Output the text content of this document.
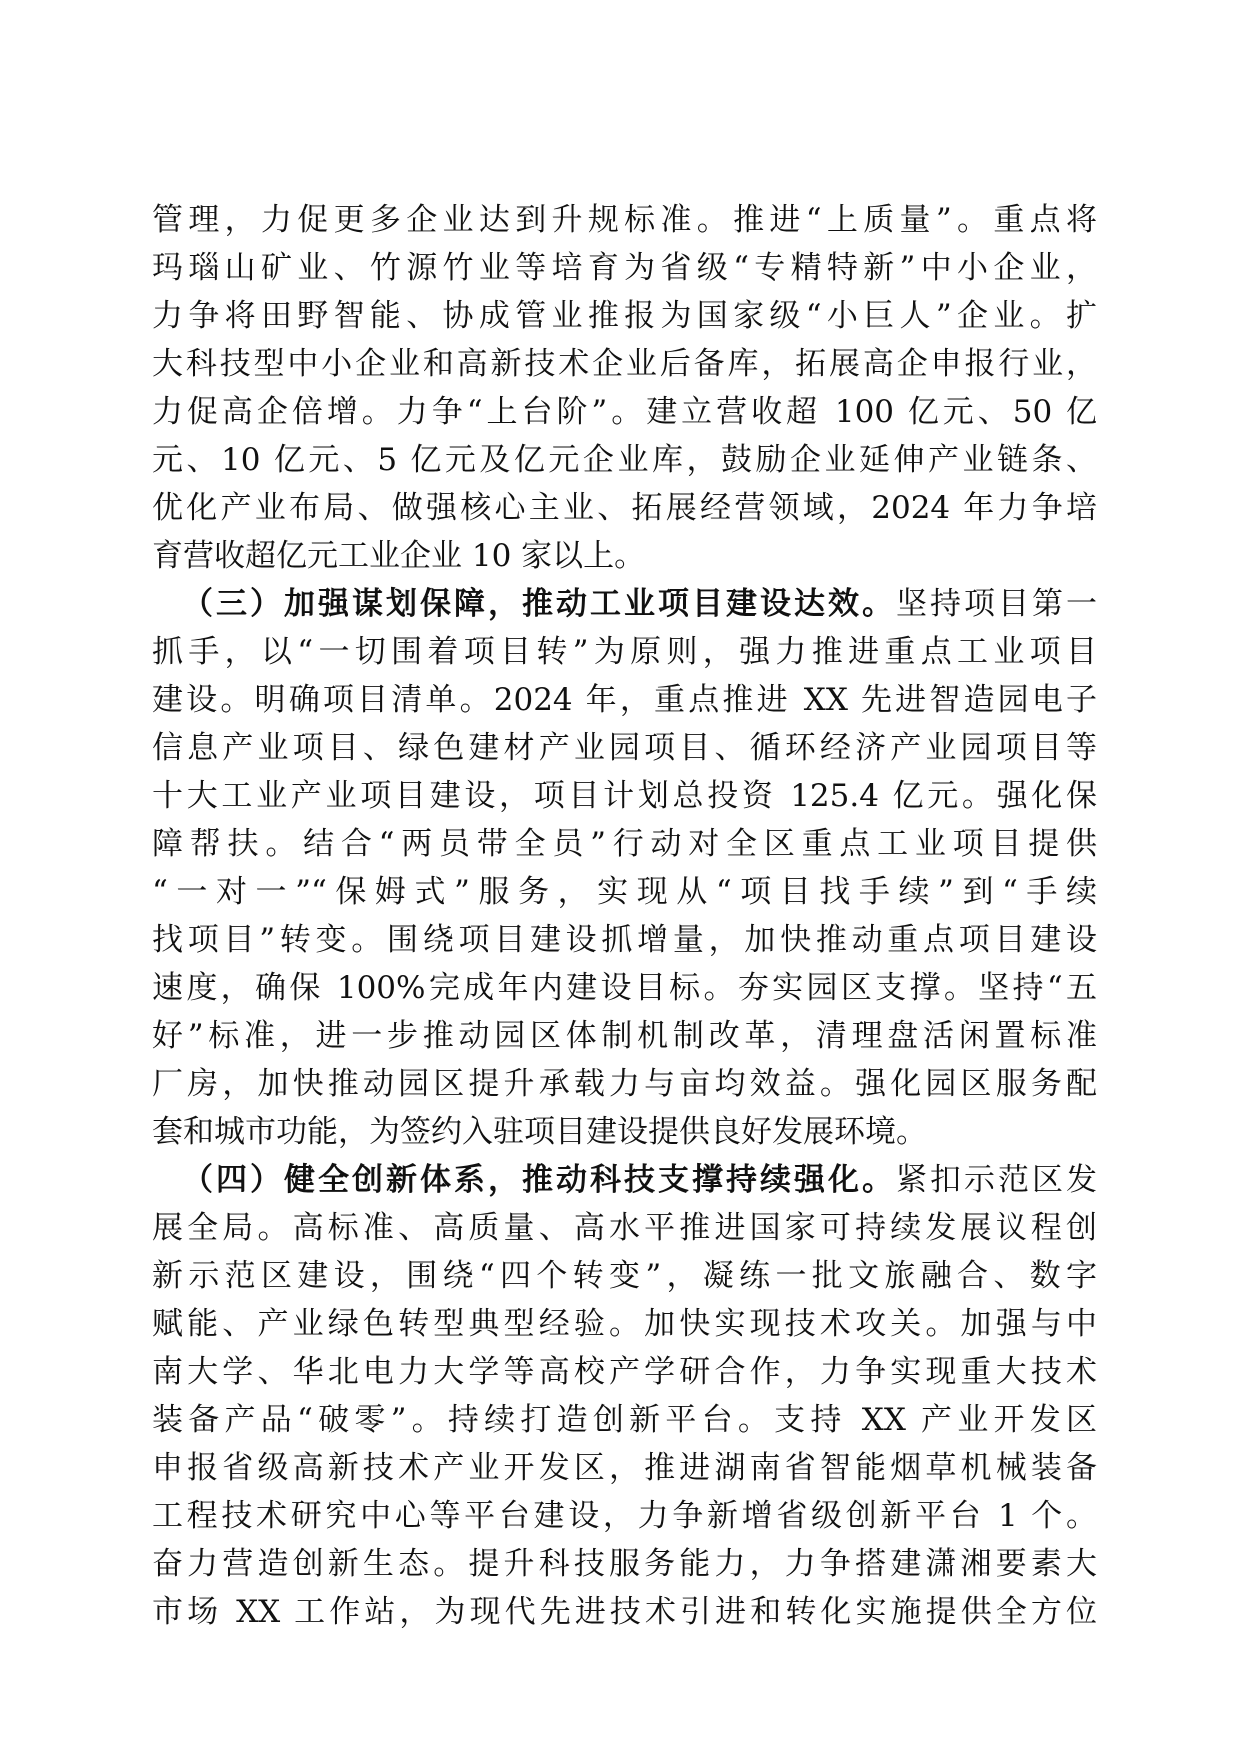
管理，力促更多企业达到升规标准。推进“上质量”。重点将
玛瑙山矿业、竹源竹业等培育为省级“专精特新”中小企业，
力争将田野智能、协成管业推报为国家级“小巨人”企业。扩
大科技型中小企业和高新技术企业后备库，拓展高企申报行业，
力促高企倍增。力争“上台阶”。建立营收超 100 亿元、50 亿
元、10 亿元、5 亿元及亿元企业库，鼓励企业延伸产业链条、
优化产业布局、做强核心主业、拓展经营领域，2024 年力争培
育营收超亿元工业企业 10 家以上。
（三）加强谋划保障，推动工业项目建设达效。坚持项目第一
抓手，以“一切围着项目转”为原则，强力推进重点工业项目
建设。明确项目清单。2024 年，重点推进 XX 先进智造园电子
信息产业项目、绿色建材产业园项目、循环经济产业园项目等
十大工业产业项目建设，项目计划总投资 125.4 亿元。强化保
障帮扶。结合“两员带全员”行动对全区重点工业项目提供
“一对一”“保姆式”服务，实现从“项目找手续”到“手续
找项目”转变。围绕项目建设抓增量，加快推动重点项目建设
速度，确保 100%完成年内建设目标。夯实园区支撑。坚持“五
好”标准，进一步推动园区体制机制改革，清理盘活闲置标准
厂房，加快推动园区提升承载力与亩均效益。强化园区服务配
套和城市功能，为签约入驻项目建设提供良好发展环境。
（四）健全创新体系，推动科技支撑持续强化。紧扣示范区发
展全局。高标准、高质量、高水平推进国家可持续发展议程创
新示范区建设，围绕“四个转变”，凝练一批文旅融合、数字
赋能、产业绿色转型典型经验。加快实现技术攻关。加强与中
南大学、华北电力大学等高校产学研合作，力争实现重大技术
装备产品“破零”。持续打造创新平台。支持 XX 产业开发区
申报省级高新技术产业开发区，推进湖南省智能烟草机械装备
工程技术研究中心等平台建设，力争新增省级创新平台 1 个。
奋力营造创新生态。提升科技服务能力，力争搭建潇湘要素大
市场 XX 工作站，为现代先进技术引进和转化实施提供全方位
